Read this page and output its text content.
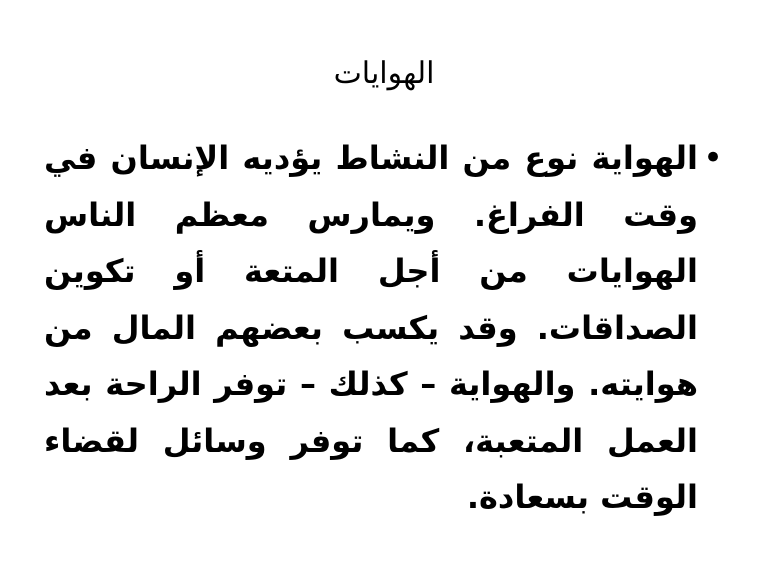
الهوايات
•

الهواية نوع من النشاط يؤديه الإنسان في وقت الفراغ. ويمارس معظم الناس الهوايات من أجل المتعة أو تكوين الصداقات. وقد يكسب بعضهم المال من هوايته. والهواية – كذلك – توفر الراحة بعد العمل المتعبة، كما توفر وسائل لقضاء الوقت بسعادة.
